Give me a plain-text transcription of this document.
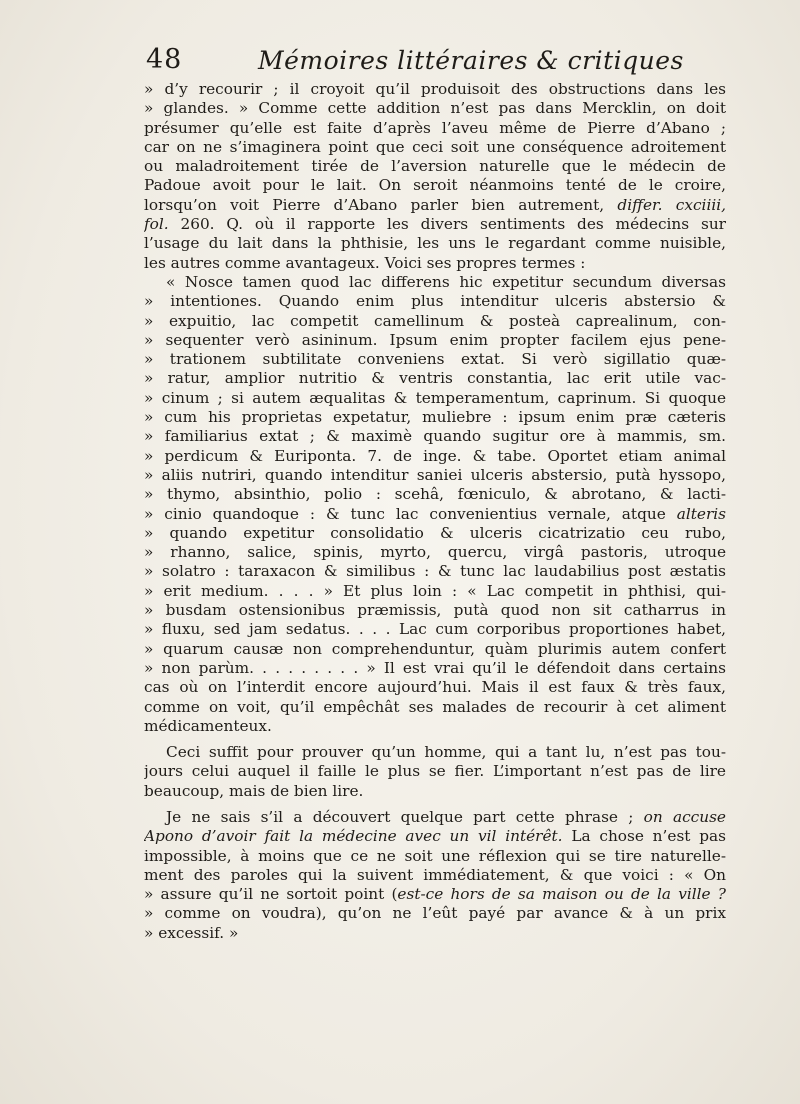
48	Mémoires littéraires & critiques
» d’y recourir ; il croyoit qu’il produisoit des obstructions dans les
» glandes. » Comme cette addition n’est pas dans Mercklin, on doit
présumer qu’elle est faite d’après l’aveu même de Pierre d’Abano ;
car on ne s’imaginera point que ceci soit une conséquence adroitement
ou maladroitement tirée de l’aversion naturelle que le médecin de
Padoue avoit pour le lait. On seroit néanmoins tenté de le croire,
lorsqu’on voit Pierre d’Abano parler bien autrement, differ. cxciiii,
fol. 260. Q. où il rapporte les divers sentiments des médecins sur
l’usage du lait dans la phthisie, les uns le regardant comme nuisible,
les autres comme avantageux. Voici ses propres termes :
« Nosce tamen quod lac differens hic expetitur secundum diversas
» intentiones. Quando enim plus intenditur ulceris abstersio &
» expuitio, lac competit camellinum & posteà caprealinum, con-
» sequenter verò asininum. Ipsum enim propter facilem ejus pene-
» trationem subtilitate conveniens extat. Si verò sigillatio quæ-
» ratur, amplior nutritio & ventris constantia, lac erit utile vac-
» cinum ; si autem æqualitas & temperamentum, caprinum. Si quoque
» cum his proprietas expetatur, muliebre : ipsum enim præ cæteris
» familiarius extat ; & maximè quando sugitur ore à mammis, sm.
» perdicum & Euriponta. 7. de inge. & tabe. Oportet etiam animal
» aliis nutriri, quando intenditur saniei ulceris abstersio, putà hyssopo,
» thymo, absinthio, polio : scehâ, fœniculo, & abrotano, & lacti-
» cinio quandoque : & tunc lac convenientius vernale, atque alteris
» quando expetitur consolidatio & ulceris cicatrizatio ceu rubo,
» rhanno, salice, spinis, myrto, quercu, virgâ pastoris, utroque
» solatro : taraxacon & similibus : & tunc lac laudabilius post æstatis
» erit medium. . . . » Et plus loin : « Lac competit in phthisi, qui-
» busdam ostensionibus præmissis, putà quod non sit catharrus in
» fluxu, sed jam sedatus. . . . Lac cum corporibus proportiones habet,
» quarum causæ non comprehenduntur, quàm plurimis autem confert
» non parùm. . . . . . . . . » Il est vrai qu’il le défendoit dans certains
cas où on l’interdit encore aujourd’hui. Mais il est faux & très faux,
comme on voit, qu’il empêchât ses malades de recourir à cet aliment
médicamenteux.
Ceci suffit pour prouver qu’un homme, qui a tant lu, n’est pas tou-
jours celui auquel il faille le plus se fier. L’important n’est pas de lire
beaucoup, mais de bien lire.
Je ne sais s’il a découvert quelque part cette phrase ; on accuse
Apono d’avoir fait la médecine avec un vil intérêt. La chose n’est pas
impossible, à moins que ce ne soit une réflexion qui se tire naturelle-
ment des paroles qui la suivent immédiatement, & que voici : « On
» assure qu’il ne sortoit point (est-ce hors de sa maison ou de la ville ?
» comme on voudra), qu’on ne l’eût payé par avance & à un prix
» excessif. »
